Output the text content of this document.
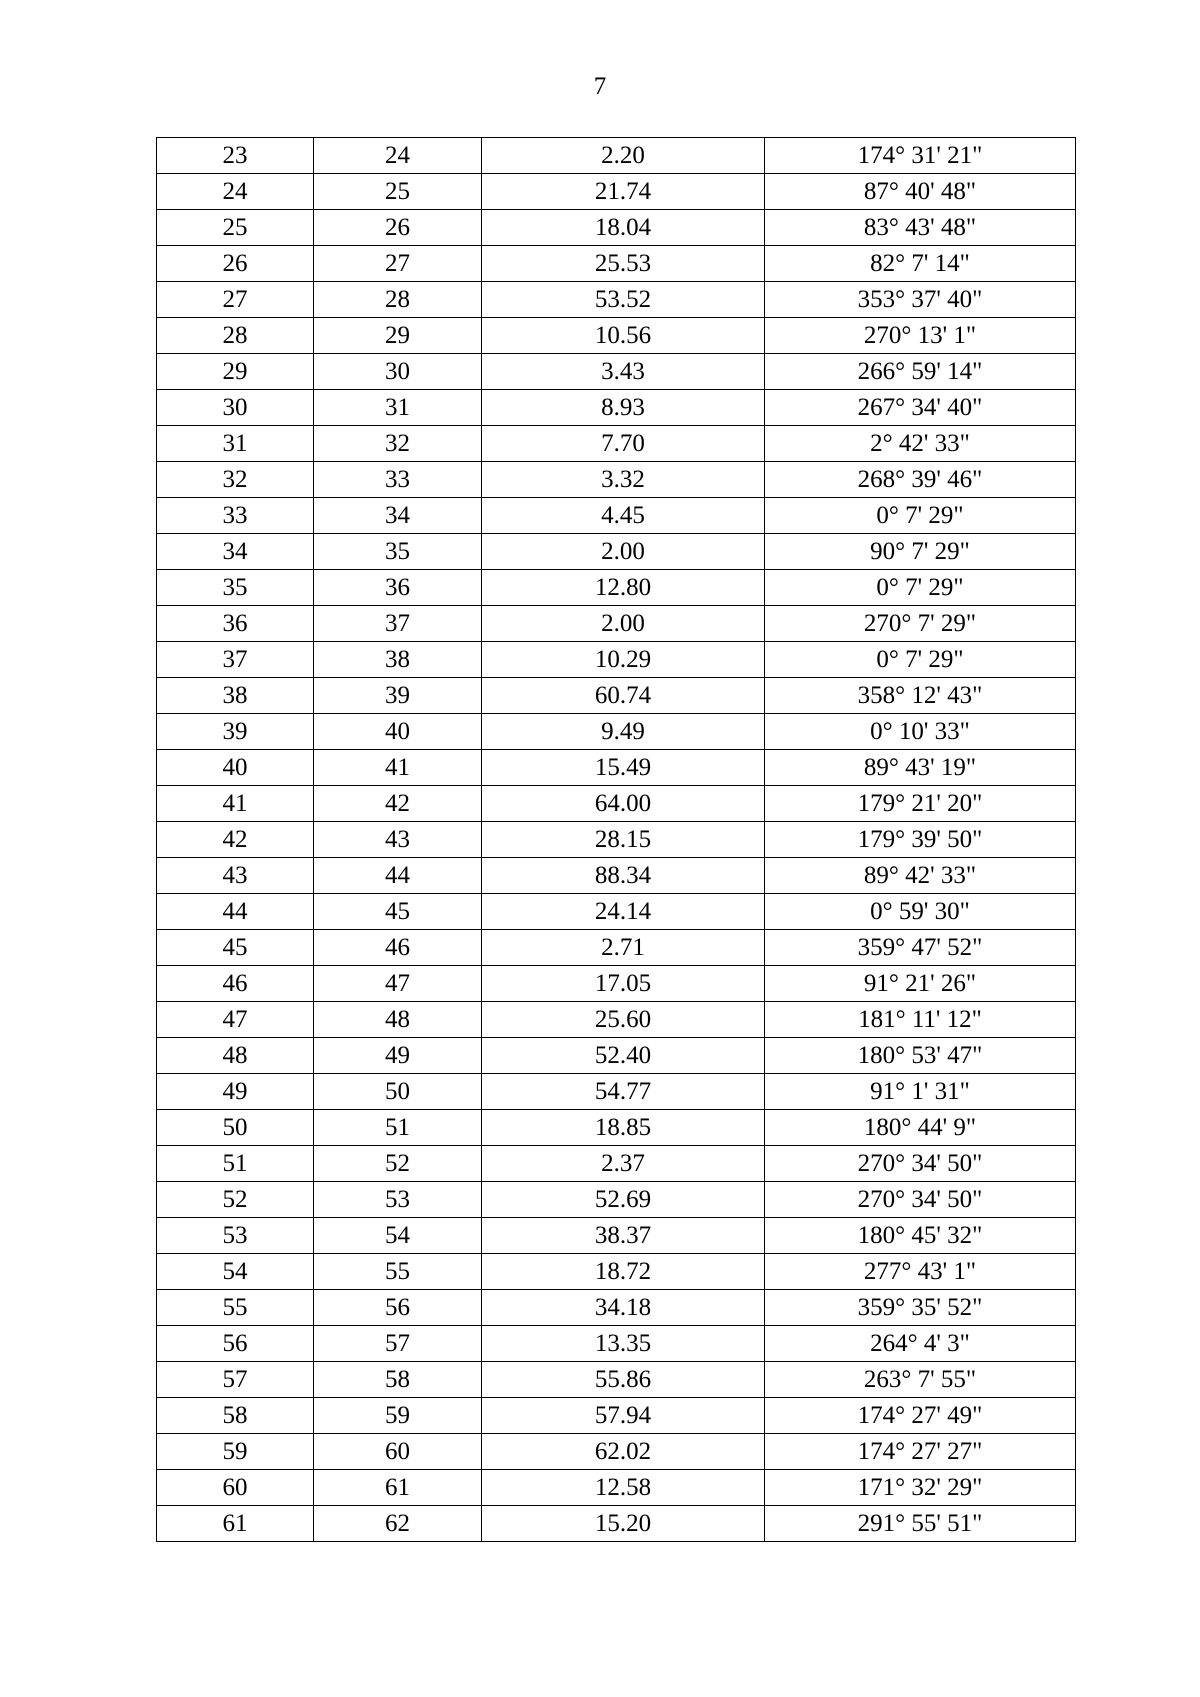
7
23	24	2.20	174° 31' 21"
24	25	21.74	87° 40' 48"
25	26	18.04	83° 43' 48"
26	27	25.53	82° 7' 14"
27	28	53.52	353° 37' 40"
28	29	10.56	270° 13' 1"
29	30	3.43	266° 59' 14"
30	31	8.93	267° 34' 40"
31	32	7.70	2° 42' 33"
32	33	3.32	268° 39' 46"
33	34	4.45	0° 7' 29"
34	35	2.00	90° 7' 29"
35	36	12.80	0° 7' 29"
36	37	2.00	270° 7' 29"
37	38	10.29	0° 7' 29"
38	39	60.74	358° 12' 43"
39	40	9.49	0° 10' 33"
40	41	15.49	89° 43' 19"
41	42	64.00	179° 21' 20"
42	43	28.15	179° 39' 50"
43	44	88.34	89° 42' 33"
44	45	24.14	0° 59' 30"
45	46	2.71	359° 47' 52"
46	47	17.05	91° 21' 26"
47	48	25.60	181° 11' 12"
48	49	52.40	180° 53' 47"
49	50	54.77	91° 1' 31"
50	51	18.85	180° 44' 9"
51	52	2.37	270° 34' 50"
52	53	52.69	270° 34' 50"
53	54	38.37	180° 45' 32"
54	55	18.72	277° 43' 1"
55	56	34.18	359° 35' 52"
56	57	13.35	264° 4' 3"
57	58	55.86	263° 7' 55"
58	59	57.94	174° 27' 49"
59	60	62.02	174° 27' 27"
60	61	12.58	171° 32' 29"
61	62	15.20	291° 55' 51"
